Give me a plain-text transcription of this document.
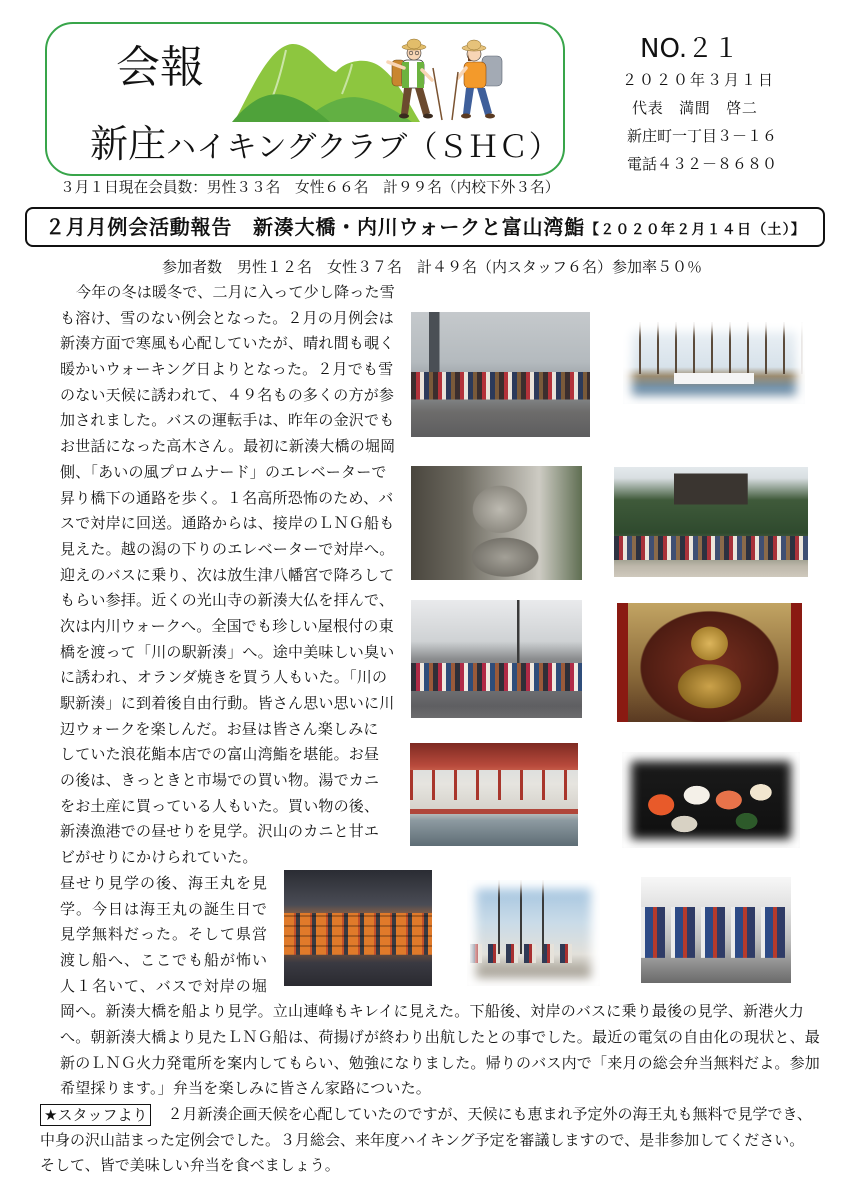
会報
新庄ハイキングクラブ（ＳＨＣ）
NO.２１
２０２０年３月１日
代表　満間　啓二
新庄町一丁目３－１６
電話４３２－８６８０
３月１日現在会員数：男性３３名　女性６６名　計９９名（内校下外３名）
２月月例会活動報告　新湊大橋・内川ウォークと富山湾鮨【２０２０年２月１４日（土）】
参加者数　男性１２名　女性３７名　計４９名（内スタッフ６名）参加率５０％
今年の冬は暖冬で、二月に入って少し降った雪
も溶け、雪のない例会となった。２月の月例会は
新湊方面で寒風も心配していたが、晴れ間も覗く
暖かいウォーキング日よりとなった。２月でも雪
のない天候に誘われて、４９名もの多くの方が参
加されました。バスの運転手は、昨年の金沢でも
お世話になった高木さん。最初に新湊大橋の堀岡
側、「あいの風プロムナード」のエレベーターで
昇り橋下の通路を歩く。１名高所恐怖のため、バ
スで対岸に回送。通路からは、接岸のＬＮＧ船も
見えた。越の潟の下りのエレベーターで対岸へ。
迎えのバスに乗り、次は放生津八幡宮で降ろして
もらい参拝。近くの光山寺の新湊大仏を拝んで、
次は内川ウォークへ。全国でも珍しい屋根付の東
橋を渡って「川の駅新湊」へ。途中美味しい臭い
に誘われ、オランダ焼きを買う人もいた。「川の
駅新湊」に到着後自由行動。皆さん思い思いに川
辺ウォークを楽しんだ。お昼は皆さん楽しみに
していた浪花鮨本店での富山湾鮨を堪能。お昼
の後は、きっときと市場での買い物。湯でカニ
をお土産に買っている人もいた。買い物の後、
新湊漁港での昼せりを見学。沢山のカニと甘エ
ビがせりにかけられていた。
昼せり見学の後、海王丸を見
学。今日は海王丸の誕生日で
見学無料だった。そして県営
渡し船へ、ここでも船が怖い
人１名いて、バスで対岸の堀
岡へ。新湊大橋を船より見学。立山連峰もキレイに見えた。下船後、対岸のバスに乗り最後の見学、新港火力
へ。朝新湊大橋より見たＬＮＧ船は、荷揚げが終わり出航したとの事でした。最近の電気の自由化の現状と、最
新のＬＮＧ火力発電所を案内してもらい、勉強になりました。帰りのバス内で「来月の総会弁当無料だよ。参加
希望採ります。」弁当を楽しみに皆さん家路についた。
★スタッフより ２月新湊企画天候を心配していたのですが、天候にも恵まれ予定外の海王丸も無料で見学でき、
中身の沢山詰まった定例会でした。３月総会、来年度ハイキング予定を審議しますので、是非参加してください。
そして、皆で美味しい弁当を食べましょう。
